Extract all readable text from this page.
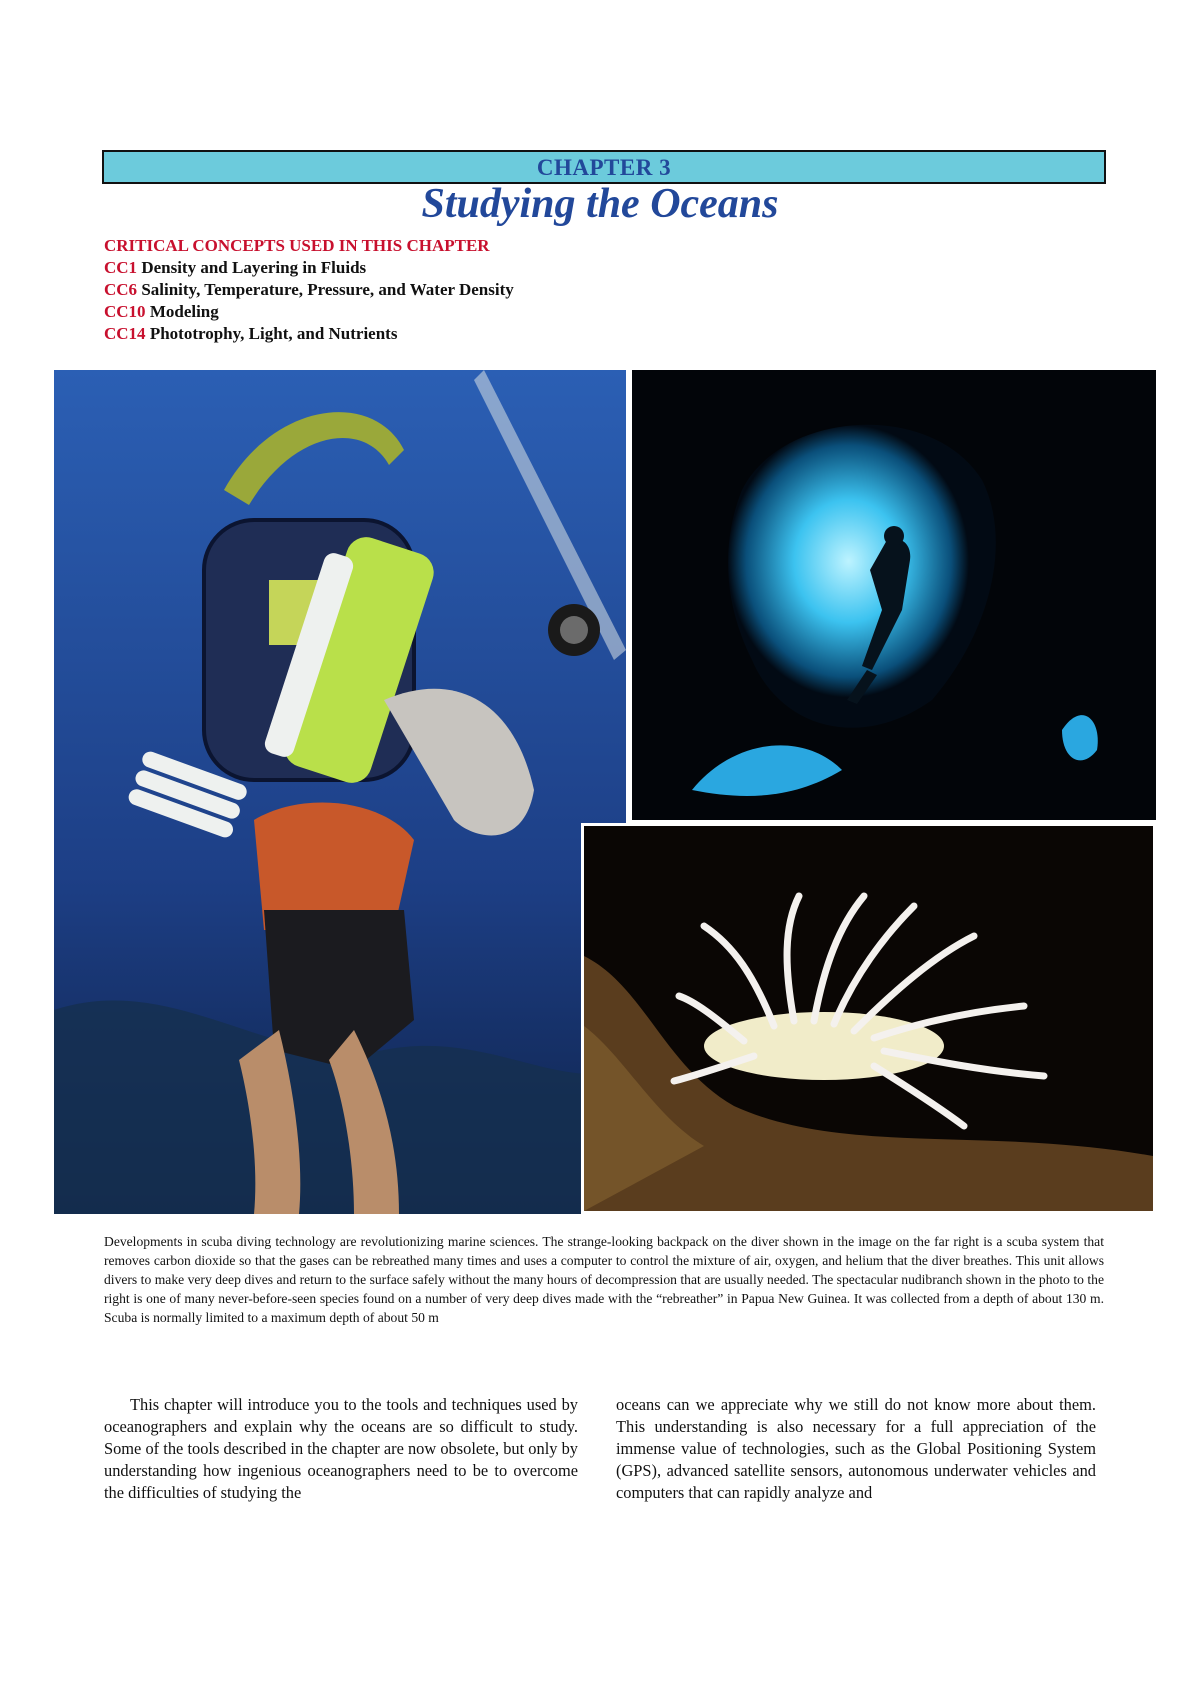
CHAPTER 3
Studying the Oceans
CRITICAL CONCEPTS USED IN THIS CHAPTER
CC1 Density and Layering in Fluids
CC6 Salinity, Temperature, Pressure, and Water Density
CC10 Modeling
CC14 Phototrophy, Light, and Nutrients
Developments in scuba diving technology are revolutionizing marine sciences. The strange-looking backpack on the diver shown in the image on the far right is a scuba system that removes carbon dioxide so that the gases can be rebreathed many times and uses a computer to control the mixture of air, oxygen, and helium that the diver breathes. This unit allows divers to make very deep dives and return to the surface safely without the many hours of decompression that are usually needed. The spectacular nudibranch shown in the photo to the right is one of many never-before-seen species found on a number of very deep dives made with the “rebreather” in Papua New Guinea. It was collected from a depth of about 130 m. Scuba is normally limited to a maximum depth of about 50 m
This chapter will introduce you to the tools and techniques used by oceanographers and explain why the oceans are so difficult to study. Some of the tools described in the chapter are now obsolete, but only by understanding how ingenious oceanographers need to be to overcome the difficulties of studying the
oceans can we appreciate why we still do not know more about them. This understanding is also necessary for a full appreciation of the immense value of technologies, such as the Global Positioning System (GPS), advanced satellite sensors, autonomous underwater vehicles and computers that can rapidly analyze and
